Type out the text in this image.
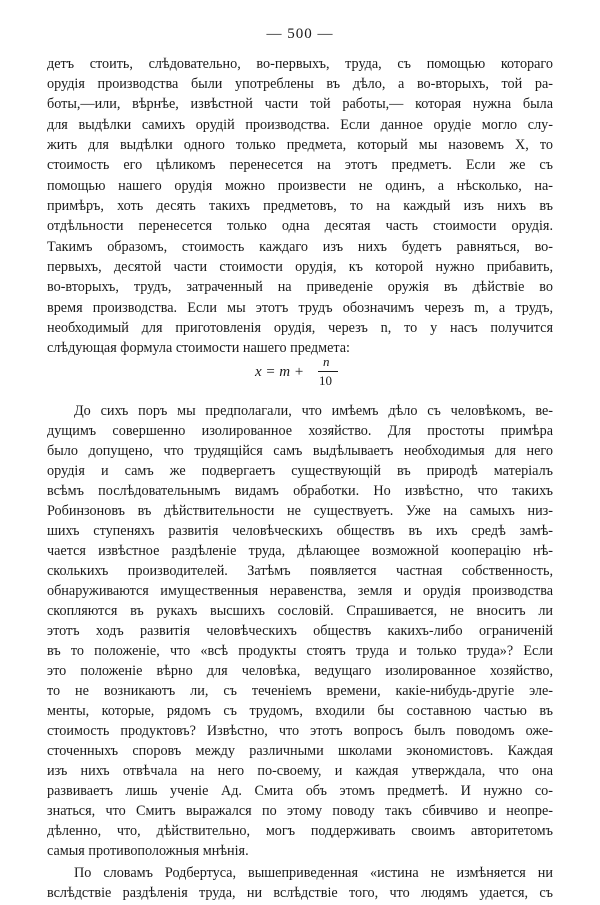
— 500 —
детъ стоить, слѣдовательно, во-первыхъ, труда, съ помощью котораго
орудія производства были употреблены въ дѣло, а во-вторыхъ, той ра-
боты,—или, вѣрнѣе, извѣстной части той работы,— которая нужна была
для выдѣлки самихъ орудій производства. Если данное орудіе могло слу-
жить для выдѣлки одного только предмета, который мы назовемъ X, то
стоимость его цѣликомъ перенесется на этотъ предметъ. Если же съ
помощью нашего орудія можно произвести не одинъ, а нѣсколько, на-
примѣръ, хоть десять такихъ предметовъ, то на каждый изъ нихъ въ
отдѣльности перенесется только одна десятая часть стоимости орудія.
Такимъ образомъ, стоимость каждаго изъ нихъ будетъ равняться, во-
первыхъ, десятой части стоимости орудія, къ которой нужно прибавить,
во-вторыхъ, трудъ, затраченный на приведеніе оружія въ дѣйствіе во
время производства. Если мы этотъ трудъ обозначимъ черезъ m, а трудъ,
необходимый для приготовленія орудія, черезъ n, то у насъ получится
слѣдующая формула стоимости нашего предмета:
x = m +
n
10
До сихъ поръ мы предполагали, что имѣемъ дѣло съ человѣкомъ, ве-
дущимъ совершенно изолированное хозяйство. Для простоты примѣра
было допущено, что трудящійся самъ выдѣлываетъ необходимыя для него
орудія и самъ же подвергаетъ существующій въ природѣ матеріалъ
всѣмъ послѣдовательнымъ видамъ обработки. Но извѣстно, что такихъ
Робинзоновъ въ дѣйствительности не существуетъ. Уже на самыхъ низ-
шихъ ступеняхъ развитія человѣческихъ обществъ въ ихъ средѣ замѣ-
чается извѣстное раздѣленіе труда, дѣлающее возможной кооперацію нѣ-
сколькихъ производителей. Затѣмъ появляется частная собственность,
обнаруживаются имущественныя неравенства, земля и орудія производства
скопляются въ рукахъ высшихъ сословій. Спрашивается, не вноситъ ли
этотъ ходъ развитія человѣческихъ обществъ какихъ-либо ограниченій
въ то положеніе, что «всѣ продукты стоятъ труда и только труда»? Если
это положеніе вѣрно для человѣка, ведущаго изолированное хозяйство,
то не возникаютъ ли, съ теченіемъ времени, какіе-нибудь-другіе эле-
менты, которые, рядомъ съ трудомъ, входили бы составною частью въ
стоимость продуктовъ? Извѣстно, что этотъ вопросъ былъ поводомъ оже-
сточенныхъ споровъ между различными школами экономистовъ. Каждая
изъ нихъ отвѣчала на него по-своему, и каждая утверждала, что она
развиваетъ лишь ученіе Ад. Смита объ этомъ предметѣ. И нужно со-
знаться, что Смитъ выражался по этому поводу такъ сбивчиво и неопре-
дѣленно, что, дѣйствительно, могъ поддерживать своимъ авторитетомъ
самыя противоположныя мнѣнія.
По словамъ Родбертуса, вышеприведенная «истина не измѣняется ни
вслѣдствіе раздѣленія труда, ни вслѣдствіе того, что людямъ удается, съ
